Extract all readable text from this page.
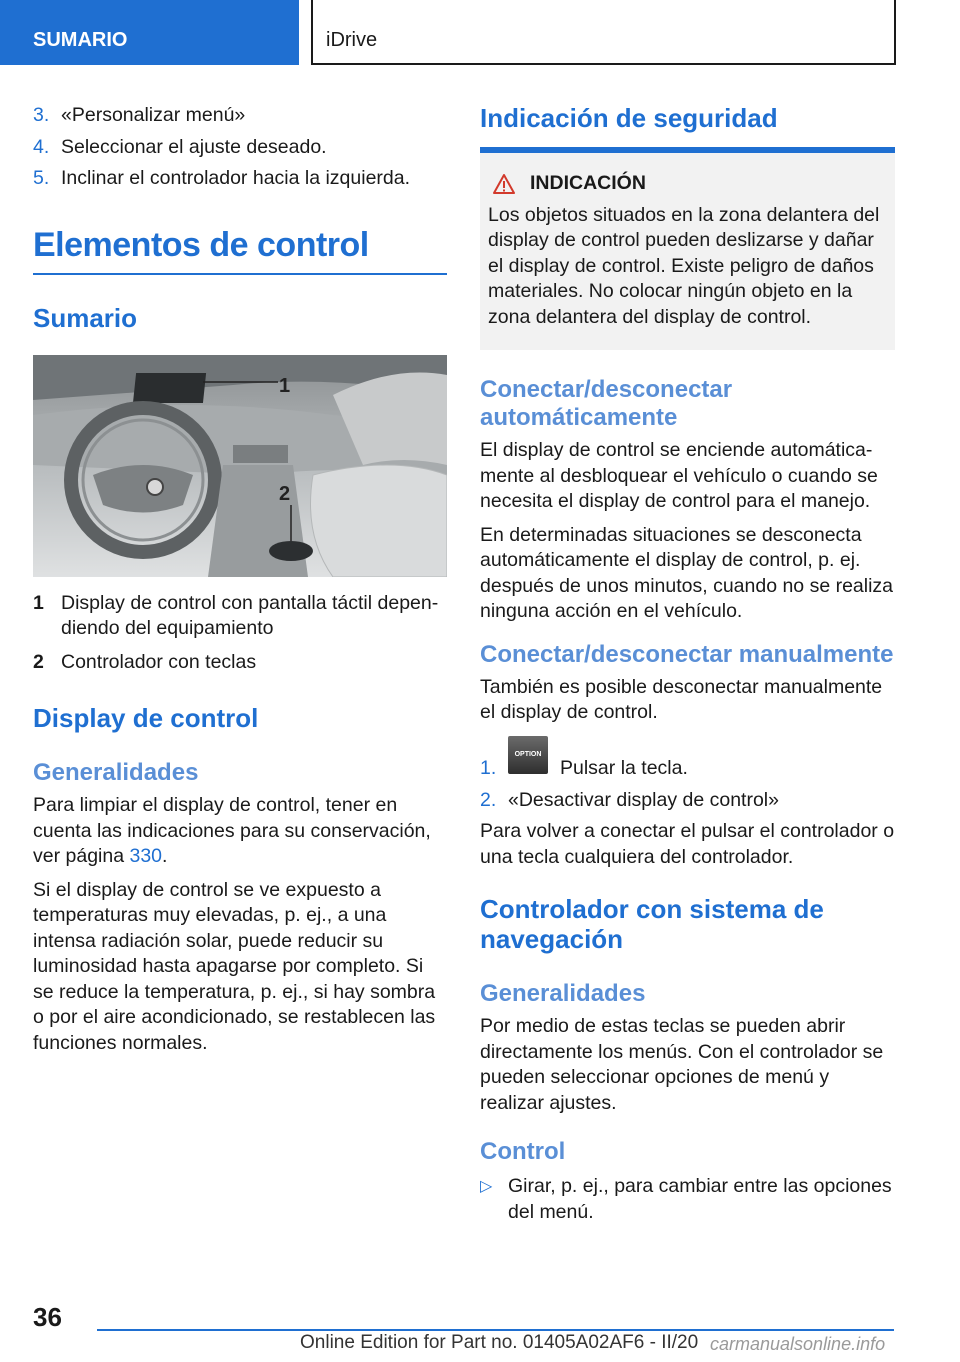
SUMARIO	iDrive
3. «Personalizar menú»
4. Seleccionar el ajuste deseado.
5. Inclinar el controlador hacia la izquierda.
Elementos de control
Sumario
1
2
1 Display de control con pantalla táctil dependiendo del equipamiento
2 Controlador con teclas
Display de control
Generalidades

Para limpiar el display de control, tener en cuenta las indicaciones para su conservación, ver página 330.

Si el display de control se ve expuesto a temperaturas muy elevadas, p. ej., a una intensa radiación solar, puede reducir su luminosidad hasta apagarse por completo. Si se reduce la temperatura, p. ej., si hay sombra o por el aire acondicionado, se restablecen las funciones normales.

Indicación de seguridad
INDICACIÓN
Los objetos situados en la zona delantera del display de control pueden deslizarse y dañar el display de control. Existe peligro de daños materiales. No colocar ningún objeto en la zona delantera del display de control.
Conectar/desconectar automáticamente

El display de control se enciende automáticamente al desbloquear el vehículo o cuando se necesita el display de control para el manejo.

En determinadas situaciones se desconecta automáticamente el display de control, p. ej. después de unos minutos, cuando no se realiza ninguna acción en el vehículo.

Conectar/desconectar manualmente

También es posible desconectar manualmente el display de control.

1.
OPTION
Pulsar la tecla.
2. «Desactivar display de control»

Para volver a conectar el pulsar el controlador o una tecla cualquiera del controlador.

Controlador con sistema de navegación
Generalidades

Por medio de estas teclas se pueden abrir directamente los menús. Con el controlador se pueden seleccionar opciones de menú y realizar ajustes.

Control
▷ Girar, p. ej., para cambiar entre las opciones del menú.
36
Online Edition for Part no. 01405A02AF6 - II/20 carmanualsonline.info
